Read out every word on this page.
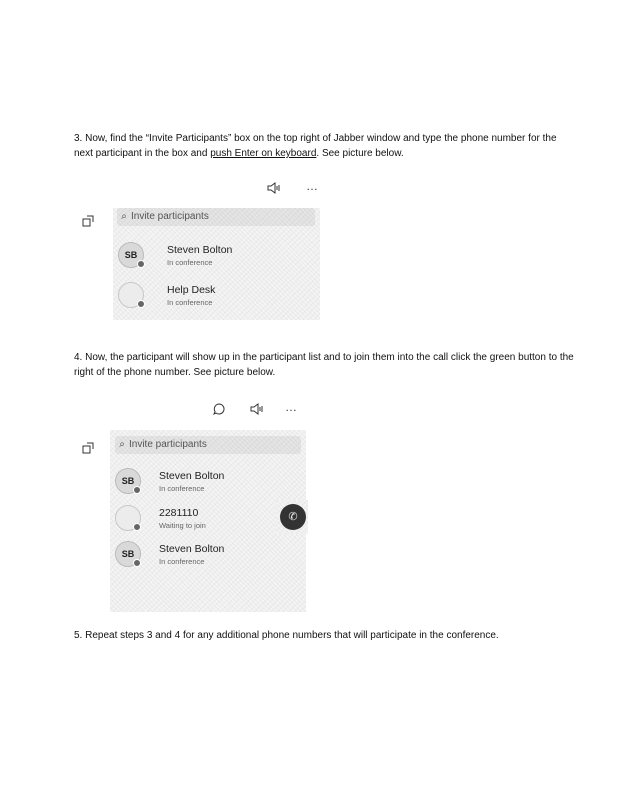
3. Now, find the “Invite Participants” box on the top right of Jabber window and type the phone number for the next participant in the box and push Enter on keyboard. See picture below.
…
⌕ Invite participants
SB	Steven Bolton
In conference
Help Desk
In conference
4. Now, the participant will show up in the participant list and to join them into the call click the green button to the right of the phone number. See picture below.
…
⌕ Invite participants
SB	Steven Bolton
In conference
2281110
Waiting to join
SB	Steven Bolton
In conference
✆
5. Repeat steps 3 and 4 for any additional phone numbers that will participate in the conference.
